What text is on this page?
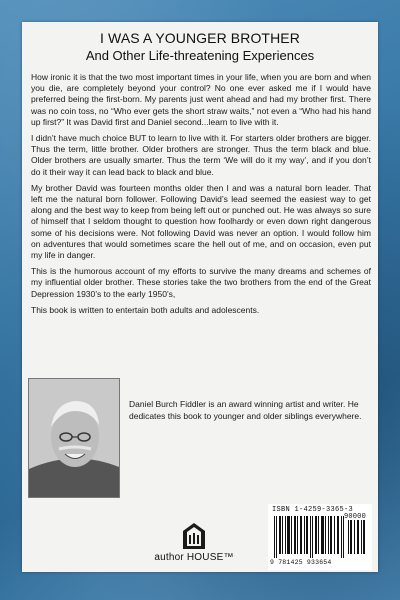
I WAS A YOUNGER BROTHER
And Other Life-threatening Experiences

How ironic it is that the two most important times in your life, when you are born and when you die, are completely beyond your control? No one ever asked me if I would have preferred being the first-born. My parents just went ahead and had my brother first. There was no coin toss, no “Who ever gets the short straw waits,” not even a “Who had his hand up first?” It was David first and Daniel second...learn to live with it.

I didn’t have much choice BUT to learn to live with it. For starters older brothers are bigger. Thus the term, little brother. Older brothers are stronger. Thus the term black and blue. Older brothers are usually smarter. Thus the term ‘We will do it my way’, and if you don’t do it their way it can lead back to black and blue.

My brother David was fourteen months older then I and was a natural born leader. That left me the natural born follower. Following David’s lead seemed the easiest way to get along and the best way to keep from being left out or punched out. He was always so sure of himself that I seldom thought to question how foolhardy or even down right dangerous some of his decisions were. Not following David was never an option. I would follow him on adventures that would sometimes scare the hell out of me, and on occasion, even put my life in danger.

This is the humorous account of my efforts to survive the many dreams and schemes of my influential older brother. These stories take the two brothers from the end of the Great Depression 1930’s to the early 1950’s,

This book is written to entertain both adults and adolescents.

Daniel Burch Fiddler is an award winning artist and writer. He dedicates this book to younger and older siblings everywhere.
author HOUSE™
ISBN 1-4259-3365-3
9 781425 933654
90000
